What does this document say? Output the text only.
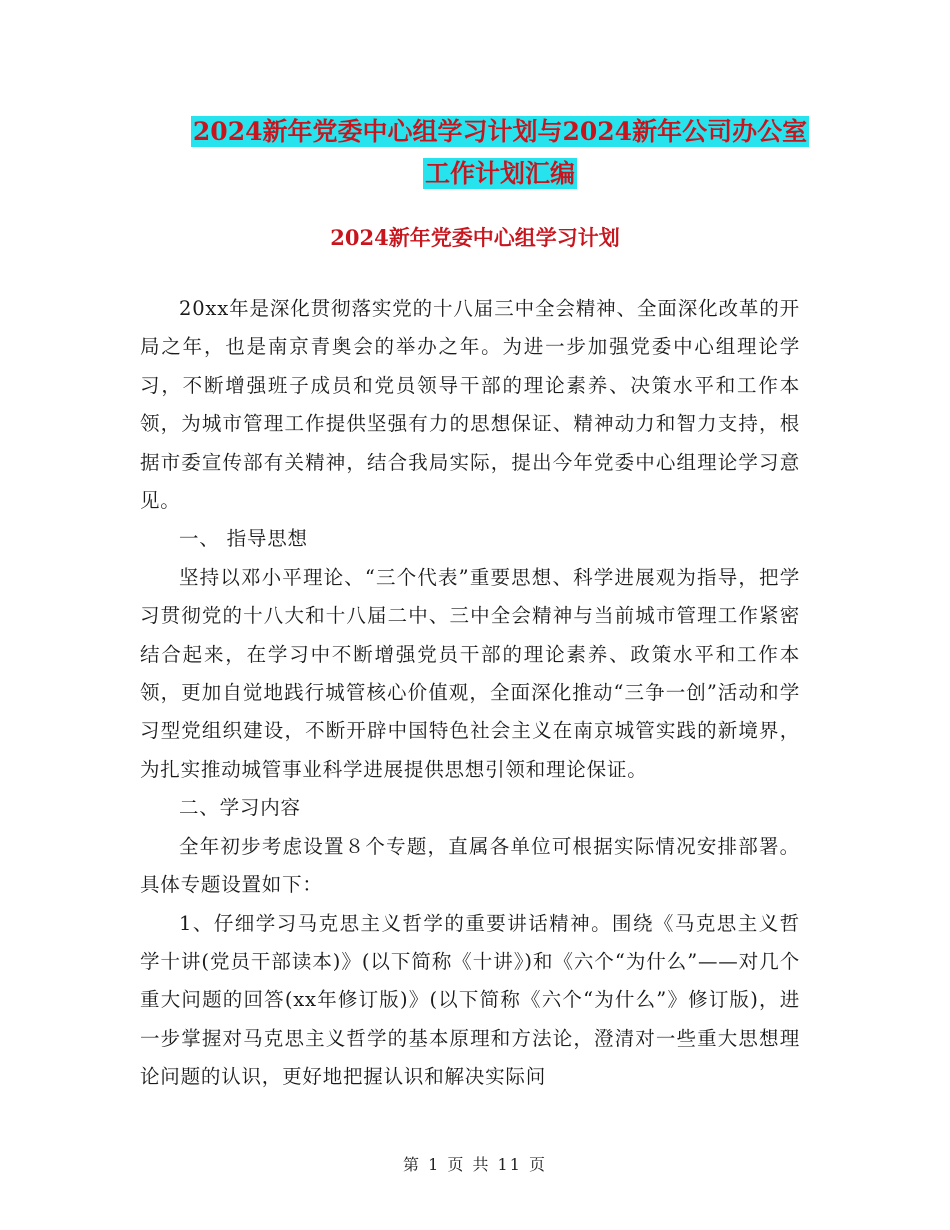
2024新年党委中心组学习计划与2024新年公司办公室
工作计划汇编
2024新年党委中心组学习计划

20xx年是深化贯彻落实党的十八届三中全会精神、全面深化改革的开局之年，也是南京青奥会的举办之年。为进一步加强党委中心组理论学习，不断增强班子成员和党员领导干部的理论素养、决策水平和工作本领，为城市管理工作提供坚强有力的思想保证、精神动力和智力支持，根据市委宣传部有关精神，结合我局实际，提出今年党委中心组理论学习意见。

一、 指导思想

坚持以邓小平理论、“三个代表”重要思想、科学进展观为指导，把学习贯彻党的十八大和十八届二中、三中全会精神与当前城市管理工作紧密结合起来，在学习中不断增强党员干部的理论素养、政策水平和工作本领，更加自觉地践行城管核心价值观，全面深化推动“三争一创”活动和学习型党组织建设，不断开辟中国特色社会主义在南京城管实践的新境界，为扎实推动城管事业科学进展提供思想引领和理论保证。

二、学习内容

全年初步考虑设置８个专题，直属各单位可根据实际情况安排部署。具体专题设置如下：

1、仔细学习马克思主义哲学的重要讲话精神。围绕《马克思主义哲学十讲(党员干部读本)》(以下简称《十讲》)和《六个“为什么”——对几个重大问题的回答(xx年修订版)》(以下简称《六个“为什么”》修订版)，进一步掌握对马克思主义哲学的基本原理和方法论，澄清对一些重大思想理论问题的认识，更好地把握认识和解决实际问

第 1 页 共 11 页
